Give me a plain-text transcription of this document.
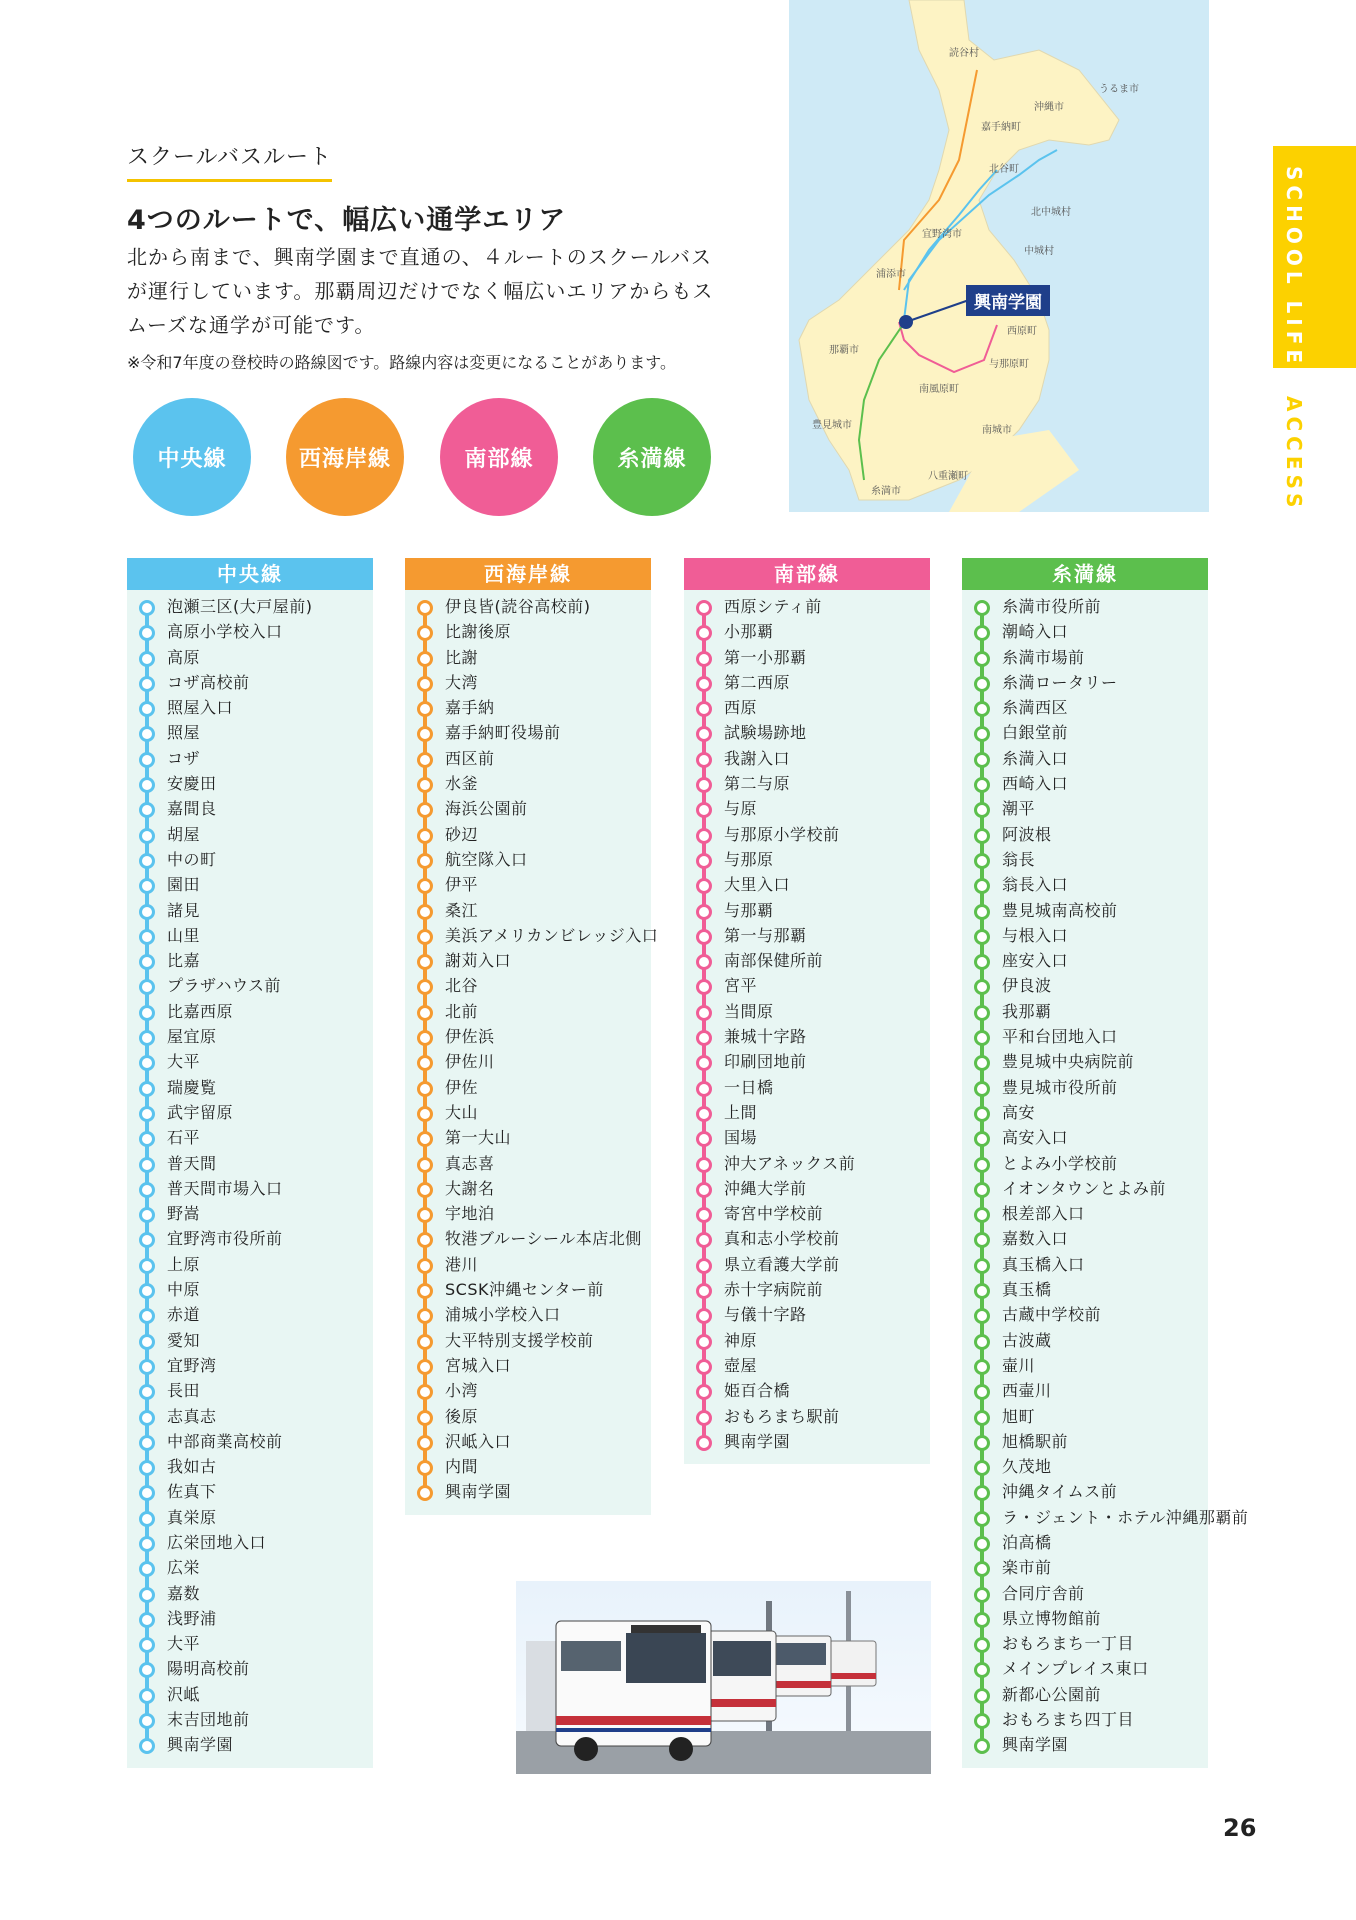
スクールバスルート
4つのルートで、幅広い通学エリア
北から南まで、興南学園まで直通の、４ルートのスクールバスが運行しています。那覇周辺だけでなく幅広いエリアからもスムーズな通学が可能です。
※令和7年度の登校時の路線図です。路線内容は変更になることがあります。
中央線	西海岸線	南部線	糸満線
読谷村
うるま市
沖縄市
嘉手納町
北谷町
北中城村
宜野湾市
中城村
浦添市
西原町
那覇市
与那原町
南風原町
豊見城市	南城市
八重瀬町
糸満市
興南学園	SCHOOL LIFE
ACCESS
中央線
泡瀬三区(大戸屋前)
高原小学校入口
高原
コザ高校前
照屋入口
照屋
コザ
安慶田
嘉間良
胡屋
中の町
園田
諸見
山里
比嘉
プラザハウス前
比嘉西原
屋宜原
大平
瑞慶覧
武宇留原
石平
普天間
普天間市場入口
野嵩
宜野湾市役所前
上原
中原
赤道
愛知
宜野湾
長田
志真志
中部商業高校前
我如古
佐真下
真栄原
広栄団地入口
広栄
嘉数
浅野浦
大平
陽明高校前
沢岻
末吉団地前
興南学園
西海岸線
伊良皆(読谷高校前)
比謝後原
比謝
大湾
嘉手納
嘉手納町役場前
西区前
水釜
海浜公園前
砂辺
航空隊入口
伊平
桑江
美浜アメリカンビレッジ入口
謝苅入口
北谷
北前
伊佐浜
伊佐川
伊佐
大山
第一大山
真志喜
大謝名
宇地泊
牧港ブルーシール本店北側
港川
SCSK沖縄センター前
浦城小学校入口
大平特別支援学校前
宮城入口
小湾
後原
沢岻入口
内間
興南学園
南部線
西原シティ前
小那覇
第一小那覇
第二西原
西原
試験場跡地
我謝入口
第二与原
与原
与那原小学校前
与那原
大里入口
与那覇
第一与那覇
南部保健所前
宮平
当間原
兼城十字路
印刷団地前
一日橋
上間
国場
沖大アネックス前
沖縄大学前
寄宮中学校前
真和志小学校前
県立看護大学前
赤十字病院前
与儀十字路
神原
壺屋
姫百合橋
おもろまち駅前
興南学園
糸満線
糸満市役所前
潮崎入口
糸満市場前
糸満ロータリー
糸満西区
白銀堂前
糸満入口
西崎入口
潮平
阿波根
翁長
翁長入口
豊見城南高校前
与根入口
座安入口
伊良波
我那覇
平和台団地入口
豊見城中央病院前
豊見城市役所前
高安
高安入口
とよみ小学校前
イオンタウンとよみ前
根差部入口
嘉数入口
真玉橋入口
真玉橋
古蔵中学校前
古波蔵
壷川
西壷川
旭町
旭橋駅前
久茂地
沖縄タイムス前
ラ・ジェント・ホテル沖縄那覇前
泊高橋
楽市前
合同庁舎前
県立博物館前
おもろまち一丁目
メインプレイス東口
新都心公園前
おもろまち四丁目
興南学園
26
